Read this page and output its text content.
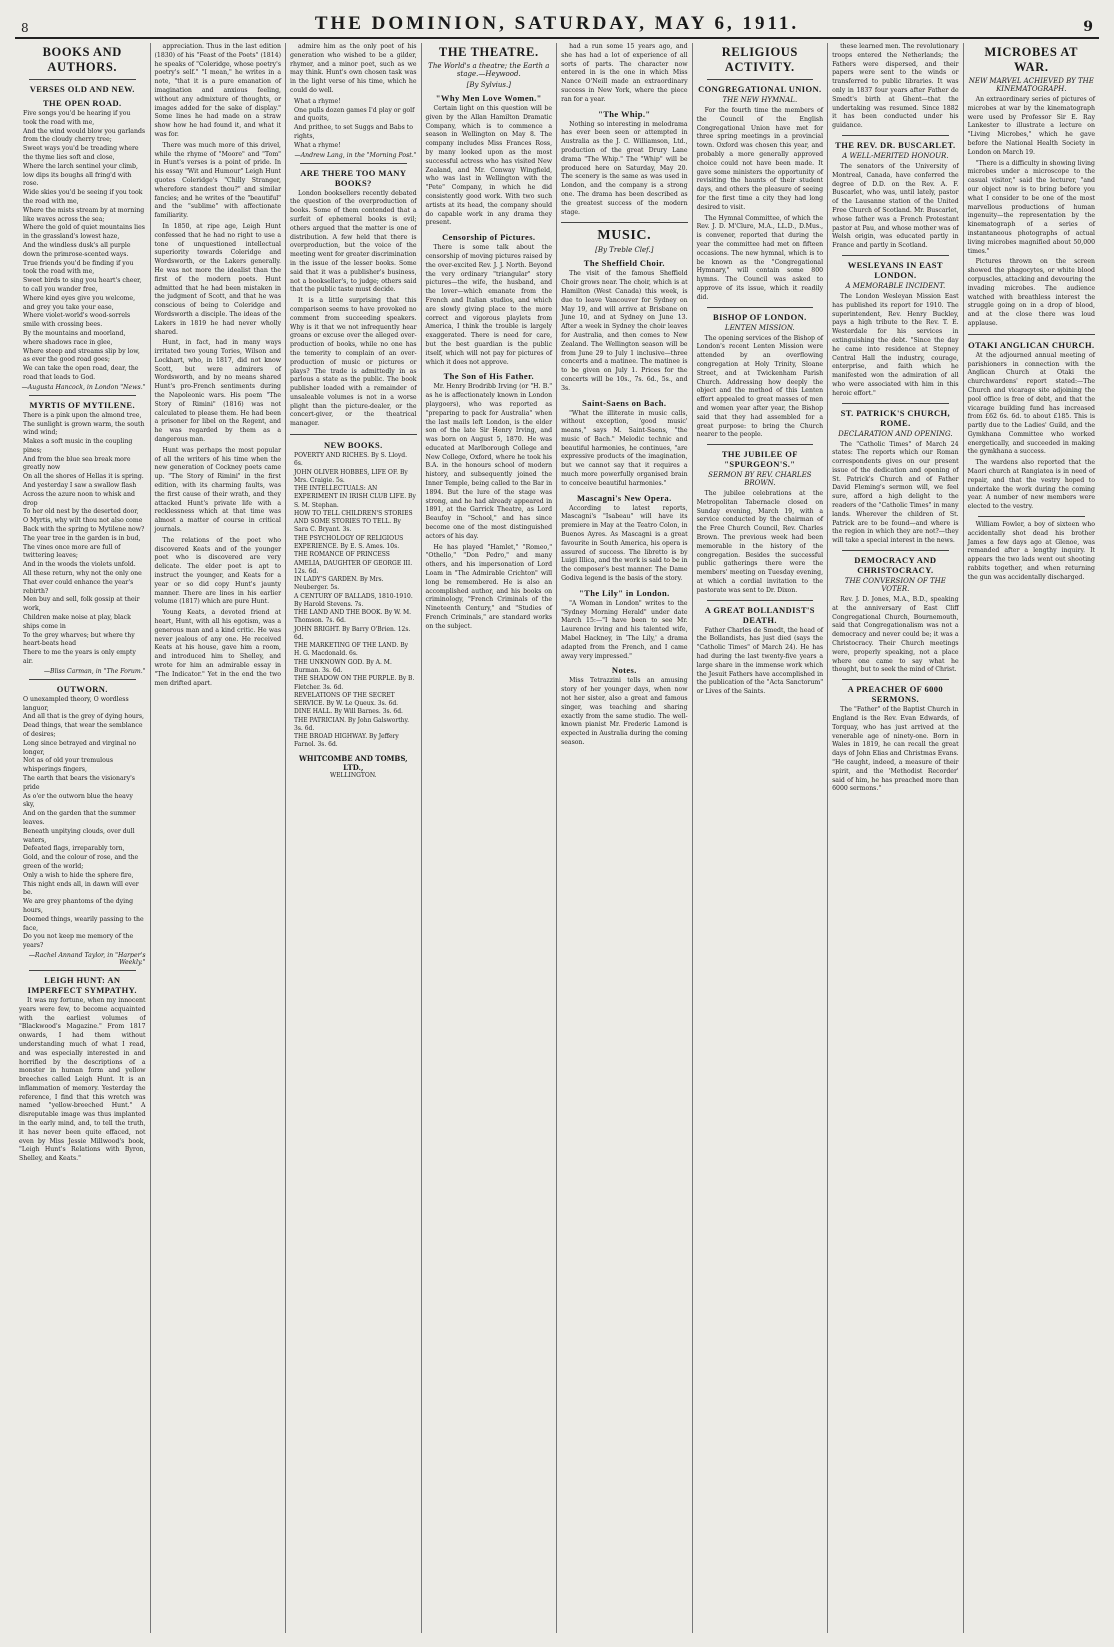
8	THE DOMINION, SATURDAY, MAY 6, 1911.	9
BOOKS AND AUTHORS.
VERSES OLD AND NEW.
THE OPEN ROAD.
Five songs you'd be hearing if you took the road with me,
And the wind would blow you garlands from the cloudy cherry tree;
Sweet ways you'd be treading where the thyme lies soft and close,
Where the larch sentinel your climb, low dips its boughs all fring'd with rose.
Wide skies you'd be seeing if you took the road with me,
Where the mists stream by at morning like waves across the sea;
Where the gold of quiet mountains lies in the grassland's lowest haze,
And the windless dusk's all purple down the primrose-scented ways.
True friends you'd be finding if you took the road with me,
Sweet birds to sing you heart's cheer, to call you wander free,
Where kind eyes give you welcome, and grey you take your ease,
Where violet-world's wood-sorrels smile with crossing bees.
By the mountains and moorland, where shadows race in glee,
Where steep and streams slip by low, as ever the good road goes;
We can take the open road, dear, the road that leads to God.
—Augusta Hancock, in London "News."
MYRTIS OF MYTILENE.
There is a pink upon the almond tree,
The sunlight is grown warm, the south wind wind;
Makes a soft music in the coupling pines;
And from the blue sea break more greatly now
On all the shores of Hellas it is spring.
And yesterday I saw a swallow flash
Across the azure noon to whisk and drop
To her old nest by the deserted door,
O Myrtis, why wilt thou not also come
Back with the spring to Mytilene now?
The year tree in the garden is in bud,
The vines once more are full of twittering leaves;
And in the woods the violets unfold.
All these return, why not the only one
That ever could enhance the year's rebirth?
Men buy and sell, folk gossip at their work,
Children make noise at play, black ships come in
To the grey wharves; but where thy heart-beats head
There to me the years is only empty air.
—Bliss Carman, in "The Forum."
OUTWORN.
O unexampled theory, O wordless languor,
And all that is the grey of dying hours,
Dead things, that wear the semblance of desires;
Long since betrayed and virginal no longer,
Not as of old your tremulous whisperings fingers,
The earth that bears the visionary's pride
As o'er the outworn blue the heavy sky,
And on the garden that the summer leaves.
Beneath unpitying clouds, over dull waters,
Defeated flags, irreparably torn,
Gold, and the colour of rose, and the green of the world;
Only a wish to hide the sphere fire,
This night ends all, in dawn will ever be.
We are grey phantoms of the dying hours,
Doomed things, wearily passing to the face,
Do you not keep me memory of the years?
—Rachel Annand Taylor, in "Harper's Weekly."
LEIGH HUNT: AN IMPERFECT SYMPATHY.

It was my fortune, when my innocent years were few, to become acquainted with the earliest volumes of "Blackwood's Magazine." From 1817 onwards, I had them without understanding much of what I read, and was especially interested in and horrified by the descriptions of a monster in human form and yellow breeches called Leigh Hunt. It is an inflammation of memory. Yesterday the reference, I find that this wretch was named "yellow-breeched Hunt." A disreputable image was thus implanted in the early mind, and, to tell the truth, it has never been quite effaced, not even by Miss Jessie Millwood's book, "Leigh Hunt's Relations with Byron, Shelley, and Keats."

appreciation. Thus in the last edition (1830) of his "Feast of the Poets" (1814) he speaks of "Coleridge, whose poetry's poetry's self." "I mean," he writes in a note, "that it is a pure emanation of imagination and anxious feeling, without any admixture of thoughts, or images added for the sake of display." Some lines he had made on a straw show how he had found it, and what it was for.

There was much more of this drivel, while the rhyme of "Moore" and "Tom" in Hunt's verses is a point of pride. In his essay "Wit and Humour" Leigh Hunt quotes Coleridge's "Chilly Stranger, wherefore standest thou?" and similar fancies; and he writes of the "beautiful" and the "sublime" with affectionate familiarity.

In 1850, at ripe age, Leigh Hunt confessed that he had no right to use a tone of unquestioned intellectual superiority towards Coleridge and Wordsworth, or the Lakers generally. He was not more the idealist than the first of the modern poets. Hunt admitted that he had been mistaken in the judgment of Scott, and that he was conscious of being to Coleridge and Wordsworth a disciple. The ideas of the Lakers in 1819 he had never wholly shared.

Hunt, in fact, had in many ways irritated two young Tories, Wilson and Lockhart, who, in 1817, did not know Scott, but were admirers of Wordsworth, and by no means shared Hunt's pro-French sentiments during the Napoleonic wars. His poem "The Story of Rimini" (1816) was not calculated to please them. He had been a prisoner for libel on the Regent, and he was regarded by them as a dangerous man.

Hunt was perhaps the most popular of all the writers of his time when the new generation of Cockney poets came up. "The Story of Rimini" in the first edition, with its charming faults, was the first cause of their wrath, and they attacked Hunt's private life with a recklessness which at that time was almost a matter of course in critical journals.

The relations of the poet who discovered Keats and of the younger poet who is discovered are very delicate. The elder poet is apt to instruct the younger, and Keats for a year or so did copy Hunt's jaunty manner. There are lines in his earlier volume (1817) which are pure Hunt.

Young Keats, a devoted friend at heart, Hunt, with all his egotism, was a generous man and a kind critic. He was never jealous of any one. He received Keats at his house, gave him a room, and introduced him to Shelley, and wrote for him an admirable essay in "The Indicator." Yet in the end the two men drifted apart.

admire him as the only poet of his generation who wished to be a gilder, rhymer, and a minor poet, such as we may think. Hunt's own chosen task was in the light verse of his time, which he could do well.

What a rhyme!
One pulls dozen games I'd play or golf and quoits,
And prithee, to set Suggs and Babs to rights,
What a rhyme!
—Andrew Lang, in the "Morning Post."
ARE THERE TOO MANY BOOKS?

London booksellers recently debated the question of the overproduction of books. Some of them contended that a surfeit of ephemeral books is evil; others argued that the matter is one of distribution. A few held that there is overproduction, but the voice of the meeting went for greater discrimination in the issue of the lesser books. Some said that it was a publisher's business, not a bookseller's, to judge; others said that the public taste must decide.

It is a little surprising that this comparison seems to have provoked no comment from succeeding speakers. Why is it that we not infrequently hear groans or excuse over the alleged over-production of books, while no one has the temerity to complain of an over-production of music or pictures or plays? The trade is admittedly in as parlous a state as the public. The book publisher loaded with a remainder of unsaleable volumes is not in a worse plight than the picture-dealer, or the concert-giver, or the theatrical manager.

NEW BOOKS.
POVERTY AND RICHES. By S. Lloyd. 6s.
JOHN OLIVER HOBBES, LIFE OF. By Mrs. Craigie. 5s.
THE INTELLECTUALS: AN EXPERIMENT IN IRISH CLUB LIFE. By S. M. Stephan.
HOW TO TELL CHILDREN'S STORIES AND SOME STORIES TO TELL. By Sara C. Bryant. 3s.
THE PSYCHOLOGY OF RELIGIOUS EXPERIENCE. By E. S. Ames. 10s.
THE ROMANCE OF PRINCESS AMELIA, DAUGHTER OF GEORGE III. 12s. 6d.
IN LADY'S GARDEN. By Mrs. Neuberger. 5s.
A CENTURY OF BALLADS, 1810-1910. By Harold Stevens. 7s.
THE LAND AND THE BOOK. By W. M. Thomson. 7s. 6d.
JOHN BRIGHT. By Barry O'Brien. 12s. 6d.
THE MARKETING OF THE LAND. By H. G. Macdonald. 6s.
THE UNKNOWN GOD. By A. M. Burman. 3s. 6d.
THE SHADOW ON THE PURPLE. By B. Fletcher. 3s. 6d.
REVELATIONS OF THE SECRET SERVICE. By W. Le Queux. 3s. 6d.
DINE HALL. By Will Barnes. 3s. 6d.
THE PATRICIAN. By John Galsworthy. 3s. 6d.
THE BROAD HIGHWAY. By Jeffery Farnol. 3s. 6d.
WHITCOMBE AND TOMBS, LTD.,
WELLINGTON.
THE THEATRE.
The World's a theatre; the Earth a stage.—Heywood.
[By Sylvius.]
"Why Men Love Women."

Certain light on this question will be given by the Allan Hamilton Dramatic Company, which is to commence a season in Wellington on May 8. The company includes Miss Frances Ross, by many looked upon as the most successful actress who has visited New Zealand, and Mr. Conway Wingfield, who was last in Wellington with the "Pete" Company, in which he did consistently good work. With two such artists at its head, the company should do capable work in any drama they present.

Censorship of Pictures.

There is some talk about the censorship of moving pictures raised by the over-excited Rev. J. J. North. Beyond the very ordinary "triangular" story pictures—the wife, the husband, and the lover—which emanate from the French and Italian studios, and which are slowly giving place to the more correct and vigorous playlets from America, I think the trouble is largely exaggerated. There is need for care, but the best guardian is the public itself, which will not pay for pictures of which it does not approve.

The Son of His Father.

Mr. Henry Brodribb Irving (or "H. B." as he is affectionately known in London playgoers), who was reported as "preparing to pack for Australia" when the last mails left London, is the elder son of the late Sir Henry Irving, and was born on August 5, 1870. He was educated at Marlborough College and New College, Oxford, where he took his B.A. in the honours school of modern history, and subsequently joined the Inner Temple, being called to the Bar in 1894. But the lure of the stage was strong, and he had already appeared in 1891, at the Garrick Theatre, as Lord Beaufoy in "School," and has since become one of the most distinguished actors of his day.

He has played "Hamlet," "Romeo," "Othello," "Don Pedro," and many others, and his impersonation of Lord Loam in "The Admirable Crichton" will long be remembered. He is also an accomplished author, and his books on criminology, "French Criminals of the Nineteenth Century," and "Studies of French Criminals," are standard works on the subject.

had a run some 15 years ago, and she has had a lot of experience of all sorts of parts. The character now entered in is the one in which Miss Nance O'Neill made an extraordinary success in New York, where the piece ran for a year.

"The Whip."

Nothing so interesting in melodrama has ever been seen or attempted in Australia as the J. C. Williamson, Ltd., production of the great Drury Lane drama "The Whip." The "Whip" will be produced here on Saturday, May 20. The scenery is the same as was used in London, and the company is a strong one. The drama has been described as the greatest success of the modern stage.

MUSIC.
[By Treble Clef.]
The Sheffield Choir.

The visit of the famous Sheffield Choir grows near. The choir, which is at Hamilton (West Canada) this week, is due to leave Vancouver for Sydney on May 19, and will arrive at Brisbane on June 10, and at Sydney on June 13. After a week in Sydney the choir leaves for Australia, and then comes to New Zealand. The Wellington season will be from June 29 to July 1 inclusive—three concerts and a matinee. The matinee is to be given on July 1. Prices for the concerts will be 10s., 7s. 6d., 5s., and 3s.

Saint-Saens on Bach.

"What the illiterate in music calls, without exception, 'good music' means," says M. Saint-Saens, "the music of Bach." Melodic technic and beautiful harmonies, he continues, "are expressive products of the imagination, but we cannot say that it requires a much more powerfully organised brain to conceive beautiful harmonies."

Mascagni's New Opera.

According to latest reports, Mascagni's "Isabeau" will have its premiere in May at the Teatro Colon, in Buenos Ayres. As Mascagni is a great favourite in South America, his opera is assured of success. The libretto is by Luigi Illica, and the work is said to be in the composer's best manner. The Dame Godiva legend is the basis of the story.

"The Lily" in London.

"A Woman in London" writes to the "Sydney Morning Herald" under date March 15:—"I have been to see Mr. Laurence Irving and his talented wife, Mabel Hackney, in 'The Lily,' a drama adapted from the French, and I came away very impressed."

Notes.

Miss Tetrazzini tells an amusing story of her younger days, when now not her sister, also a great and famous singer, was teaching and sharing exactly from the same studio. The well-known pianist Mr. Frederic Lamond is expected in Australia during the coming season.

RELIGIOUS ACTIVITY.
CONGREGATIONAL UNION.
THE NEW HYMNAL.

For the fourth time the members of the Council of the English Congregational Union have met for three spring meetings in a provincial town. Oxford was chosen this year, and probably a more generally approved choice could not have been made. It gave some ministers the opportunity of revisiting the haunts of their student days, and others the pleasure of seeing for the first time a city they had long desired to visit.

The Hymnal Committee, of which the Rev. J. D. M'Clure, M.A., LL.D., D.Mus., is convener, reported that during the year the committee had met on fifteen occasions. The new hymnal, which is to be known as the "Congregational Hymnary," will contain some 800 hymns. The Council was asked to approve of its issue, which it readily did.

BISHOP OF LONDON.
LENTEN MISSION.

The opening services of the Bishop of London's recent Lenten Mission were attended by an overflowing congregation at Holy Trinity, Sloane Street, and at Twickenham Parish Church. Addressing how deeply the object and the method of this Lenten effort appealed to great masses of men and women year after year, the Bishop said that they had assembled for a great purpose: to bring the Church nearer to the people.

THE JUBILEE OF "SPURGEON'S."
SERMON BY REV. CHARLES BROWN.

The jubilee celebrations at the Metropolitan Tabernacle closed on Sunday evening, March 19, with a service conducted by the chairman of the Free Church Council, Rev. Charles Brown. The previous week had been memorable in the history of the congregation. Besides the successful public gatherings there were the members' meeting on Tuesday evening, at which a cordial invitation to the pastorate was sent to Dr. Dixon.

A GREAT BOLLANDIST'S DEATH.

Father Charles de Smedt, the head of the Bollandists, has just died (says the "Catholic Times" of March 24). He has had during the last twenty-five years a large share in the immense work which the Jesuit Fathers have accomplished in the publication of the "Acta Sanctorum" or Lives of the Saints.

these learned men. The revolutionary troops entered the Netherlands; the Fathers were dispersed, and their papers were sent to the winds or transferred to public libraries. It was only in 1837 four years after Father de Smedt's birth at Ghent—that the undertaking was resumed. Since 1882 it has been conducted under his guidance.

THE REV. DR. BUSCARLET.
A WELL-MERITED HONOUR.

The senators of the University of Montreal, Canada, have conferred the degree of D.D. on the Rev. A. F. Buscarlet, who was, until lately, pastor of the Lausanne station of the United Free Church of Scotland. Mr. Buscarlet, whose father was a French Protestant pastor at Pau, and whose mother was of Welsh origin, was educated partly in France and partly in Scotland.

WESLEYANS IN EAST LONDON.
A MEMORABLE INCIDENT.

The London Wesleyan Mission East has published its report for 1910. The superintendent, Rev. Henry Buckley, pays a high tribute to the Rev. T. E. Westerdale for his services in extinguishing the debt. "Since the day he came into residence at Stepney Central Hall the industry, courage, enterprise, and faith which he manifested won the admiration of all who were associated with him in this heroic effort."

ST. PATRICK'S CHURCH, ROME.
DECLARATION AND OPENING.

The "Catholic Times" of March 24 states: The reports which our Roman correspondents gives on our present issue of the dedication and opening of St. Patrick's Church and of Father David Fleming's sermon will, we feel sure, afford a high delight to the readers of the "Catholic Times" in many lands. Wherever the children of St. Patrick are to be found—and where is the region in which they are not?—they will take a special interest in the news.

DEMOCRACY AND CHRISTOCRACY.
THE CONVERSION OF THE VOTER.

Rev. J. D. Jones, M.A., B.D., speaking at the anniversary of East Cliff Congregational Church, Bournemouth, said that Congregationalism was not a democracy and never could be; it was a Christocracy. Their Church meetings were, properly speaking, not a place where one came to say what he thought, but to seek the mind of Christ.

A PREACHER OF 6000 SERMONS.

The "Father" of the Baptist Church in England is the Rev. Evan Edwards, of Torquay, who has just arrived at the venerable age of ninety-one. Born in Wales in 1819, he can recall the great days of John Elias and Christmas Evans. "He caught, indeed, a measure of their spirit, and the 'Methodist Recorder' said of him, he has preached more than 6000 sermons."

MICROBES AT WAR.
NEW MARVEL ACHIEVED BY THE KINEMATOGRAPH.

An extraordinary series of pictures of microbes at war by the kinematograph were used by Professor Sir E. Ray Lankester to illustrate a lecture on "Living Microbes," which he gave before the National Health Society in London on March 19.

"There is a difficulty in showing living microbes under a microscope to the casual visitor," said the lecturer, "and our object now is to bring before you what I consider to be one of the most marvellous productions of human ingenuity—the representation by the kinematograph of a series of instantaneous photographs of actual living microbes magnified about 50,000 times."

Pictures thrown on the screen showed the phagocytes, or white blood corpuscles, attacking and devouring the invading microbes. The audience watched with breathless interest the struggle going on in a drop of blood, and at the close there was loud applause.

OTAKI ANGLICAN CHURCH.

At the adjourned annual meeting of parishioners in connection with the Anglican Church at Otaki the churchwardens' report stated:—The Church and vicarage site adjoining the pool office is free of debt, and that the vicarage building fund has increased from £62 6s. 6d. to about £185. This is partly due to the Ladies' Guild, and the Gymkhana Committee who worked energetically, and succeeded in making the gymkhana a success.

The wardens also reported that the Maori church at Rangiatea is in need of repair, and that the vestry hoped to undertake the work during the coming year. A number of new members were elected to the vestry.

William Fowler, a boy of sixteen who accidentally shot dead his brother James a few days ago at Glenoe, was remanded after a lengthy inquiry. It appears the two lads went out shooting rabbits together, and when returning the gun was accidentally discharged.
